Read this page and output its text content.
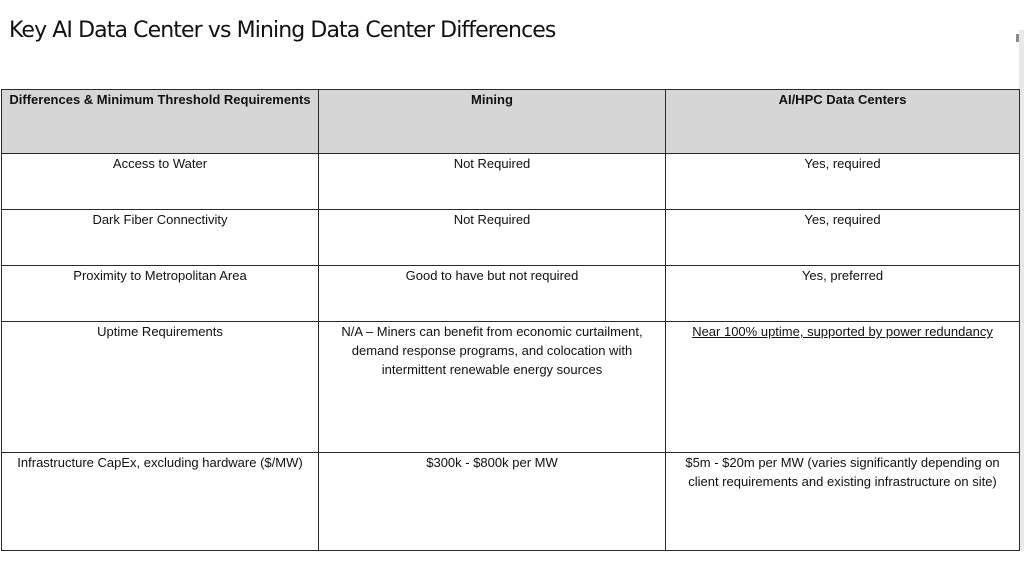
Key AI Data Center vs Mining Data Center Differences
Differences & Minimum Threshold Requirements	Mining	AI/HPC Data Centers

Access to Water	Not Required	Yes, required
Dark Fiber Connectivity	Not Required	Yes, required
Proximity to Metropolitan Area	Good to have but not required	Yes, preferred
Uptime Requirements	N/A – Miners can benefit from economic curtailment, demand response programs, and colocation with intermittent renewable energy sources	Near 100% uptime, supported by power redundancy
Infrastructure CapEx, excluding hardware ($/MW)	$300k - $800k per MW	$5m - $20m per MW (varies significantly depending on client requirements and existing infrastructure on site)
